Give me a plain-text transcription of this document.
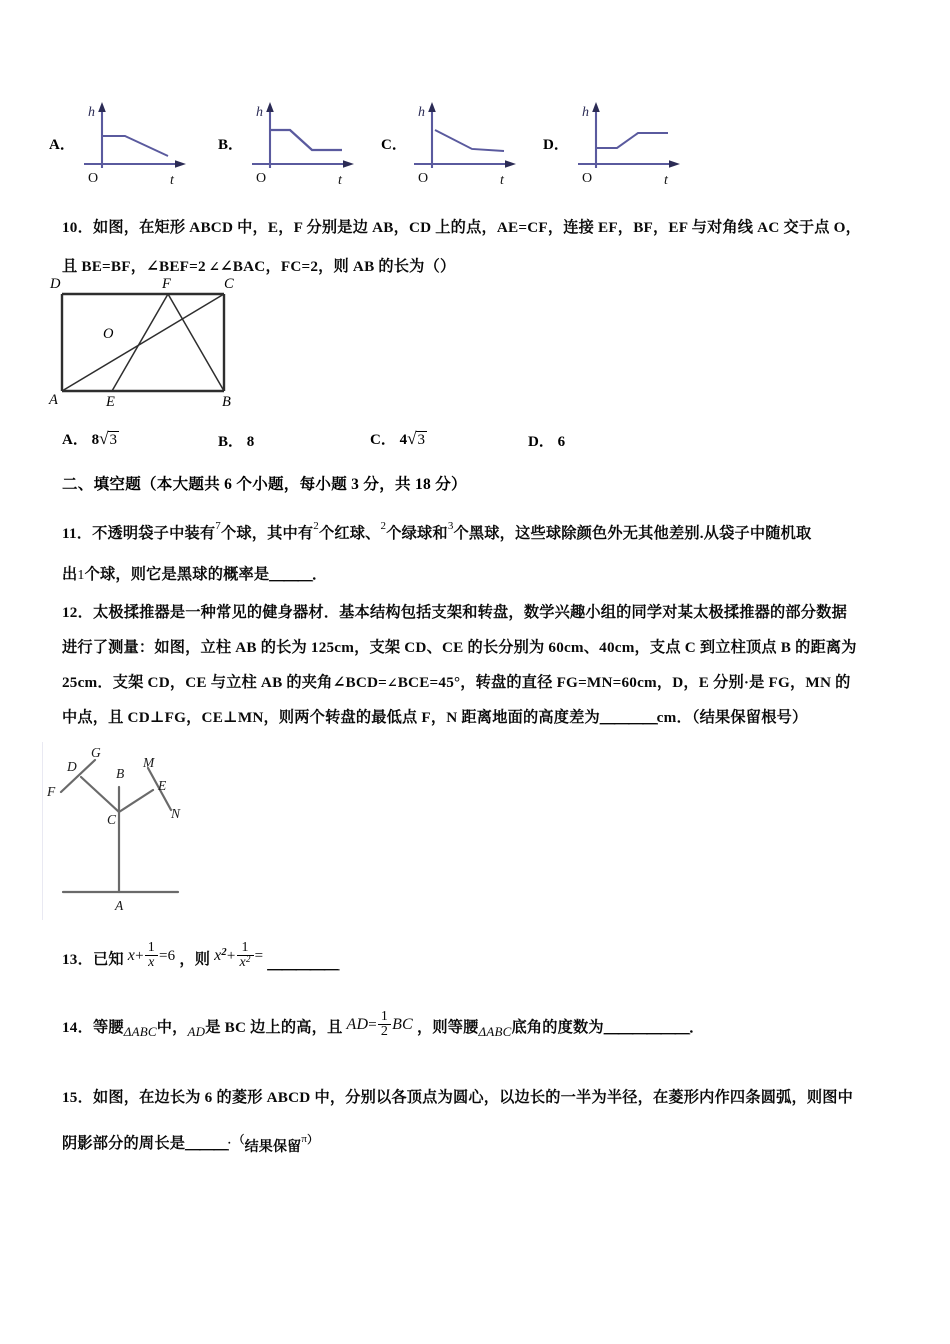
A．
h
O	t
B．
h
O	t
C．
h
O	t
D．
h
O	t
10．如图，在矩形 ABCD 中，E，F 分别是边 AB，CD 上的点，AE=CF，连接 EF，BF，EF 与对角线 AC 交于点 O，
且 BE=BF，∠BEF=2 ∠∠BAC，FC=2，则 AB 的长为（）
D	F	C
O
A	E	B
A． 8√3	B． 8	C． 4√3	D． 6
二、填空题（本大题共 6 个小题，每小题 3 分，共 18 分）
11．不透明袋子中装有$^7$个球，其中有$^2$个红球、$^2$个绿球和$^3$个黑球，这些球除颜色外无其他差别.从袋子中随机取
出1个球，则它是黑球的概率是＿＿＿．
12．太极揉推器是一种常见的健身器材．基本结构包括支架和转盘，数学兴趣小组的同学对某太极揉推器的部分数据
进行了测量：如图，立柱 AB 的长为 125cm，支架 CD、CE 的长分别为 60cm、40cm，支点 C 到立柱顶点 B 的距离为
25cm．支架 CD，CE 与立柱 AB 的夹角∠BCD=∠BCE=45°，转盘的直径 FG=MN=60cm，D，E 分别·是 FG，MN 的
中点，且 CD⊥FG，CE⊥MN，则两个转盘的最低点 F，N 距离地面的高度差为＿＿＿＿cm．（结果保留根号）
G
D
F
B
M
E
N
C
A
13．已知 $x+ \frac{1}{x} =6$ ，则 $x^2+ \frac{1}{x^2}$ = ＿＿＿＿＿
14．等腰ΔABC中，AD是 BC 边上的高，且 $AD= \frac{1}{2}$ BC ，则等腰ΔABC底角的度数为＿＿＿＿＿＿．
15．如图，在边长为 6 的菱形 ABCD 中，分别以各顶点为圆心，以边长的一半为半径，在菱形内作四条圆弧，则图中
阴影部分的周长是＿＿＿．（结果保留$^{\pi)}$
